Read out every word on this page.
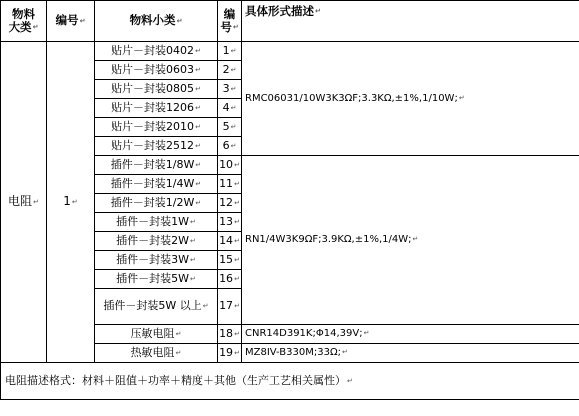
物料
大类↵	编号↵	物料小类↵	编
号↵	具体形式描述↵
电阻↵	1↵	贴片－封装0402↵	1↵	RMC06031/10W3K3ΩF;3.3KΩ,±1%,1/10W;↵
		贴片－封装0603↵	2↵	
		贴片－封装0805↵	3↵	
		贴片－封装1206↵	4↵	
		贴片－封装2010↵	5↵	
		贴片－封装2512↵	6↵	
		插件－封装1/8W↵	10↵	RN1/4W3K9ΩF;3.9KΩ,±1%,1/4W;↵
		插件－封装1/4W↵	11↵	
		插件－封装1/2W↵	12↵	
		插件－封装1W↵	13↵	
		插件－封装2W↵	14↵	
		插件－封装3W↵	15↵	
		插件－封装5W↵	16↵	
		插件－封装5W 以上↵	17↵	
		压敏电阻↵	18↵	CNR14D391K;Φ14,39V;↵
		热敏电阻↵	19↵	MZ8IV-B330M;33Ω;↵
电阻描述格式：材料＋阻值＋功率＋精度＋其他（生产工艺相关属性）↵				
